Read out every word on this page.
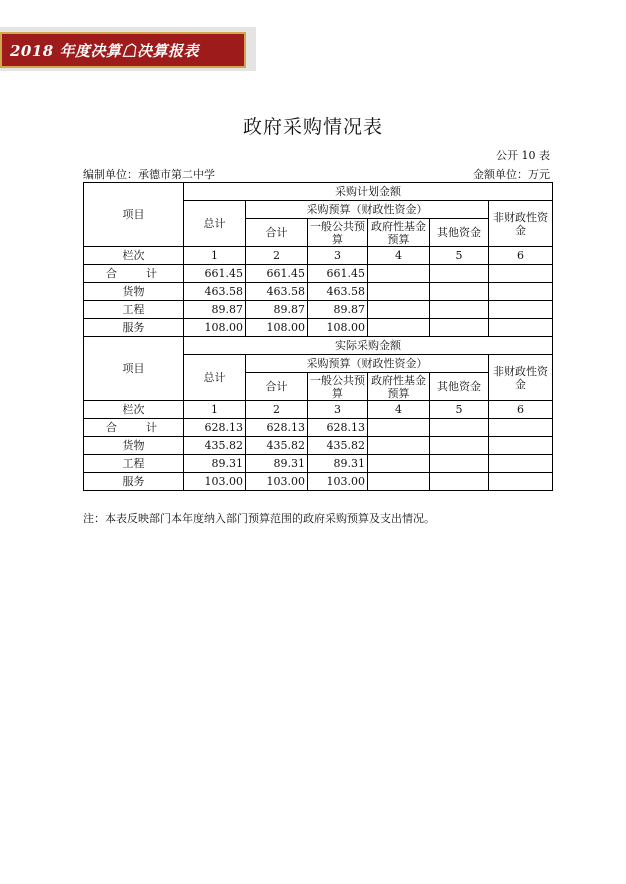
2018 年度决算☖决算报表
政府采购情况表
公开 10 表
编制单位：承德市第二中学	金额单位：万元
项目	采购计划金额					
	总计	采购预算（财政性资金）				非财政性资金
		合计	一般公共预算	政府性基金预算	其他资金	
栏次	1	2	3	4	5	6

合 计	661.45	661.45	661.45			
货物	463.58	463.58	463.58			
工程	89.87	89.87	89.87			
服务	108.00	108.00	108.00			
项目	实际采购金额					
	总计	采购预算（财政性资金）				非财政性资金
		合计	一般公共预算	政府性基金预算	其他资金	
栏次	1	2	3	4	5	6

合 计	628.13	628.13	628.13			
货物	435.82	435.82	435.82			
工程	89.31	89.31	89.31			
服务	103.00	103.00	103.00			
注：本表反映部门本年度纳入部门预算范围的政府采购预算及支出情况。
